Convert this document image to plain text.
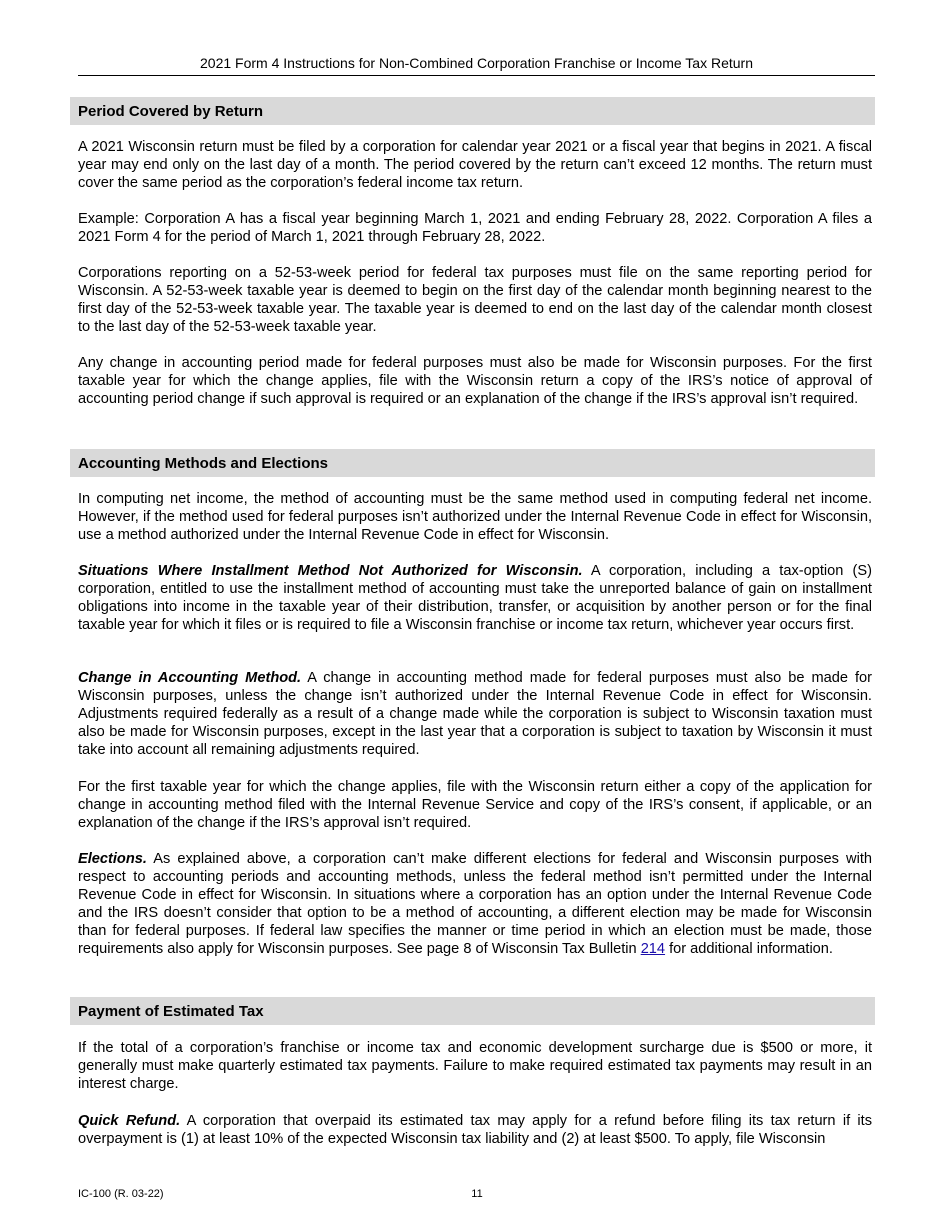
2021 Form 4 Instructions for Non-Combined Corporation Franchise or Income Tax Return
Period Covered by Return

A 2021 Wisconsin return must be filed by a corporation for calendar year 2021 or a fiscal year that begins in 2021. A fiscal year may end only on the last day of a month. The period covered by the return can’t exceed 12 months. The return must cover the same period as the corporation’s federal income tax return.

Example: Corporation A has a fiscal year beginning March 1, 2021 and ending February 28, 2022. Corporation A files a 2021 Form 4 for the period of March 1, 2021 through February 28, 2022.

Corporations reporting on a 52-53-week period for federal tax purposes must file on the same reporting period for Wisconsin. A 52-53-week taxable year is deemed to begin on the first day of the calendar month beginning nearest to the first day of the 52-53-week taxable year. The taxable year is deemed to end on the last day of the calendar month closest to the last day of the 52-53-week taxable year.

Any change in accounting period made for federal purposes must also be made for Wisconsin purposes. For the first taxable year for which the change applies, file with the Wisconsin return a copy of the IRS’s notice of approval of accounting period change if such approval is required or an explanation of the change if the IRS’s approval isn’t required.

Accounting Methods and Elections

In computing net income, the method of accounting must be the same method used in computing federal net income. However, if the method used for federal purposes isn’t authorized under the Internal Revenue Code in effect for Wisconsin, use a method authorized under the Internal Revenue Code in effect for Wisconsin.

Situations Where Installment Method Not Authorized for Wisconsin. A corporation, including a tax-option (S) corporation, entitled to use the installment method of accounting must take the unreported balance of gain on installment obligations into income in the taxable year of their distribution, transfer, or acquisition by another person or for the final taxable year for which it files or is required to file a Wisconsin franchise or income tax return, whichever year occurs first.

Change in Accounting Method. A change in accounting method made for federal purposes must also be made for Wisconsin purposes, unless the change isn’t authorized under the Internal Revenue Code in effect for Wisconsin. Adjustments required federally as a result of a change made while the corporation is subject to Wisconsin taxation must also be made for Wisconsin purposes, except in the last year that a corporation is subject to taxation by Wisconsin it must take into account all remaining adjustments required.

For the first taxable year for which the change applies, file with the Wisconsin return either a copy of the application for change in accounting method filed with the Internal Revenue Service and copy of the IRS’s consent, if applicable, or an explanation of the change if the IRS’s approval isn’t required.

Elections. As explained above, a corporation can’t make different elections for federal and Wisconsin purposes with respect to accounting periods and accounting methods, unless the federal method isn’t permitted under the Internal Revenue Code in effect for Wisconsin. In situations where a corporation has an option under the Internal Revenue Code and the IRS doesn’t consider that option to be a method of accounting, a different election may be made for Wisconsin than for federal purposes. If federal law specifies the manner or time period in which an election must be made, those requirements also apply for Wisconsin purposes. See page 8 of Wisconsin Tax Bulletin 214 for additional information.

Payment of Estimated Tax

If the total of a corporation’s franchise or income tax and economic development surcharge due is $500 or more, it generally must make quarterly estimated tax payments. Failure to make required estimated tax payments may result in an interest charge.

Quick Refund. A corporation that overpaid its estimated tax may apply for a refund before filing its tax return if its overpayment is (1) at least 10% of the expected Wisconsin tax liability and (2) at least $500. To apply, file Wisconsin

IC-100 (R. 03-22)	11
